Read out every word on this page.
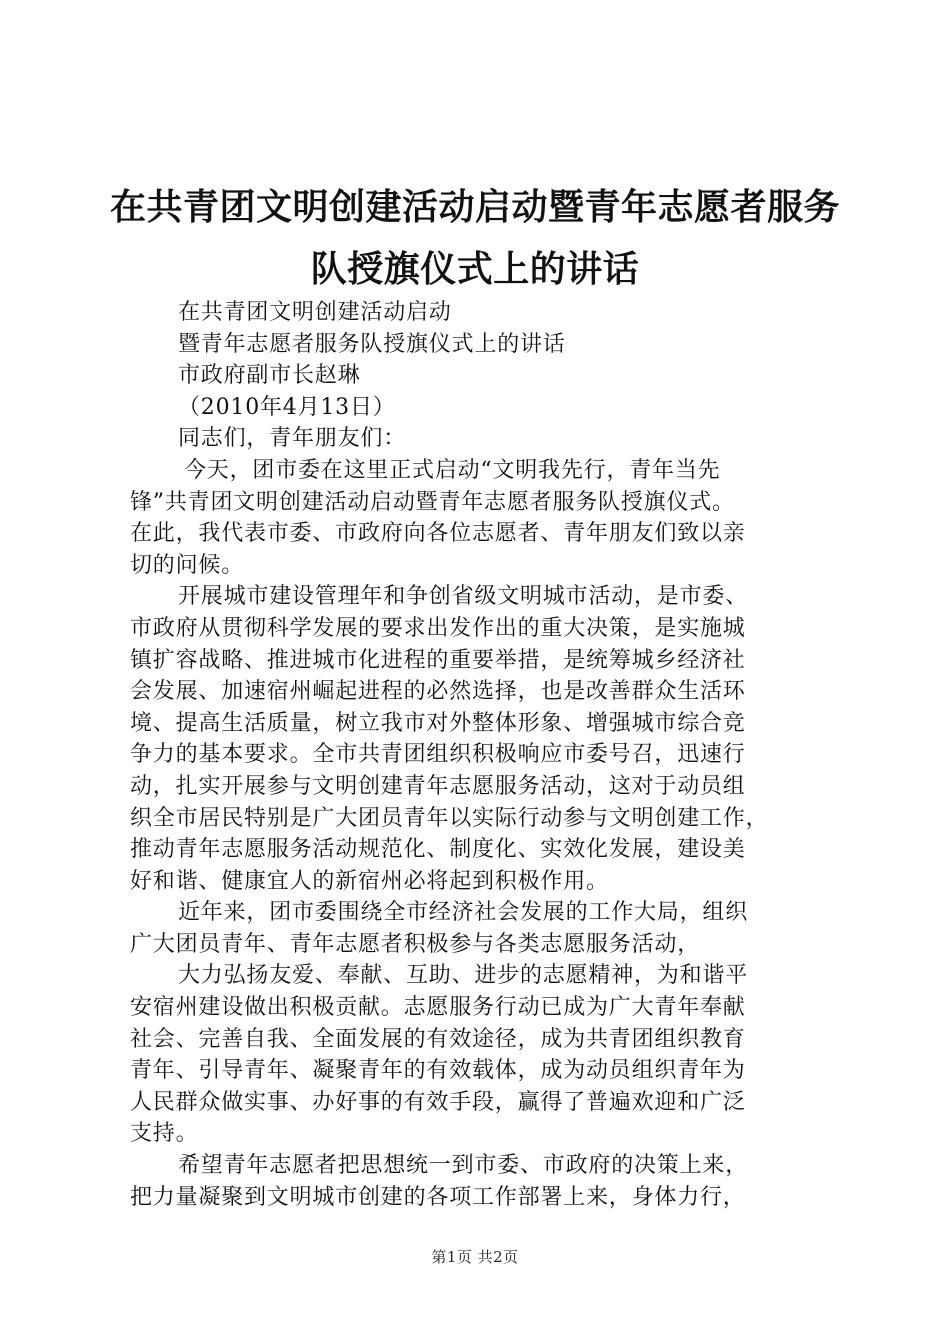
在共青团文明创建活动启动暨青年志愿者服务
队授旗仪式上的讲话
在共青团文明创建活动启动
暨青年志愿者服务队授旗仪式上的讲话
市政府副市长赵琳
（2010年4月13日）
同志们，青年朋友们：
今天，团市委在这里正式启动“文明我先行，青年当先
锋”共青团文明创建活动启动暨青年志愿者服务队授旗仪式。
在此，我代表市委、市政府向各位志愿者、青年朋友们致以亲
切的问候。
开展城市建设管理年和争创省级文明城市活动，是市委、
市政府从贯彻科学发展的要求出发作出的重大决策，是实施城
镇扩容战略、推进城市化进程的重要举措，是统筹城乡经济社
会发展、加速宿州崛起进程的必然选择，也是改善群众生活环
境、提高生活质量，树立我市对外整体形象、增强城市综合竞
争力的基本要求。全市共青团组织积极响应市委号召，迅速行
动，扎实开展参与文明创建青年志愿服务活动，这对于动员组
织全市居民特别是广大团员青年以实际行动参与文明创建工作，
推动青年志愿服务活动规范化、制度化、实效化发展，建设美
好和谐、健康宜人的新宿州必将起到积极作用。
近年来，团市委围绕全市经济社会发展的工作大局，组织
广大团员青年、青年志愿者积极参与各类志愿服务活动，
大力弘扬友爱、奉献、互助、进步的志愿精神，为和谐平
安宿州建设做出积极贡献。志愿服务行动已成为广大青年奉献
社会、完善自我、全面发展的有效途径，成为共青团组织教育
青年、引导青年、凝聚青年的有效载体，成为动员组织青年为
人民群众做实事、办好事的有效手段，赢得了普遍欢迎和广泛
支持。
希望青年志愿者把思想统一到市委、市政府的决策上来，
把力量凝聚到文明城市创建的各项工作部署上来，身体力行，
第1页 共2页
